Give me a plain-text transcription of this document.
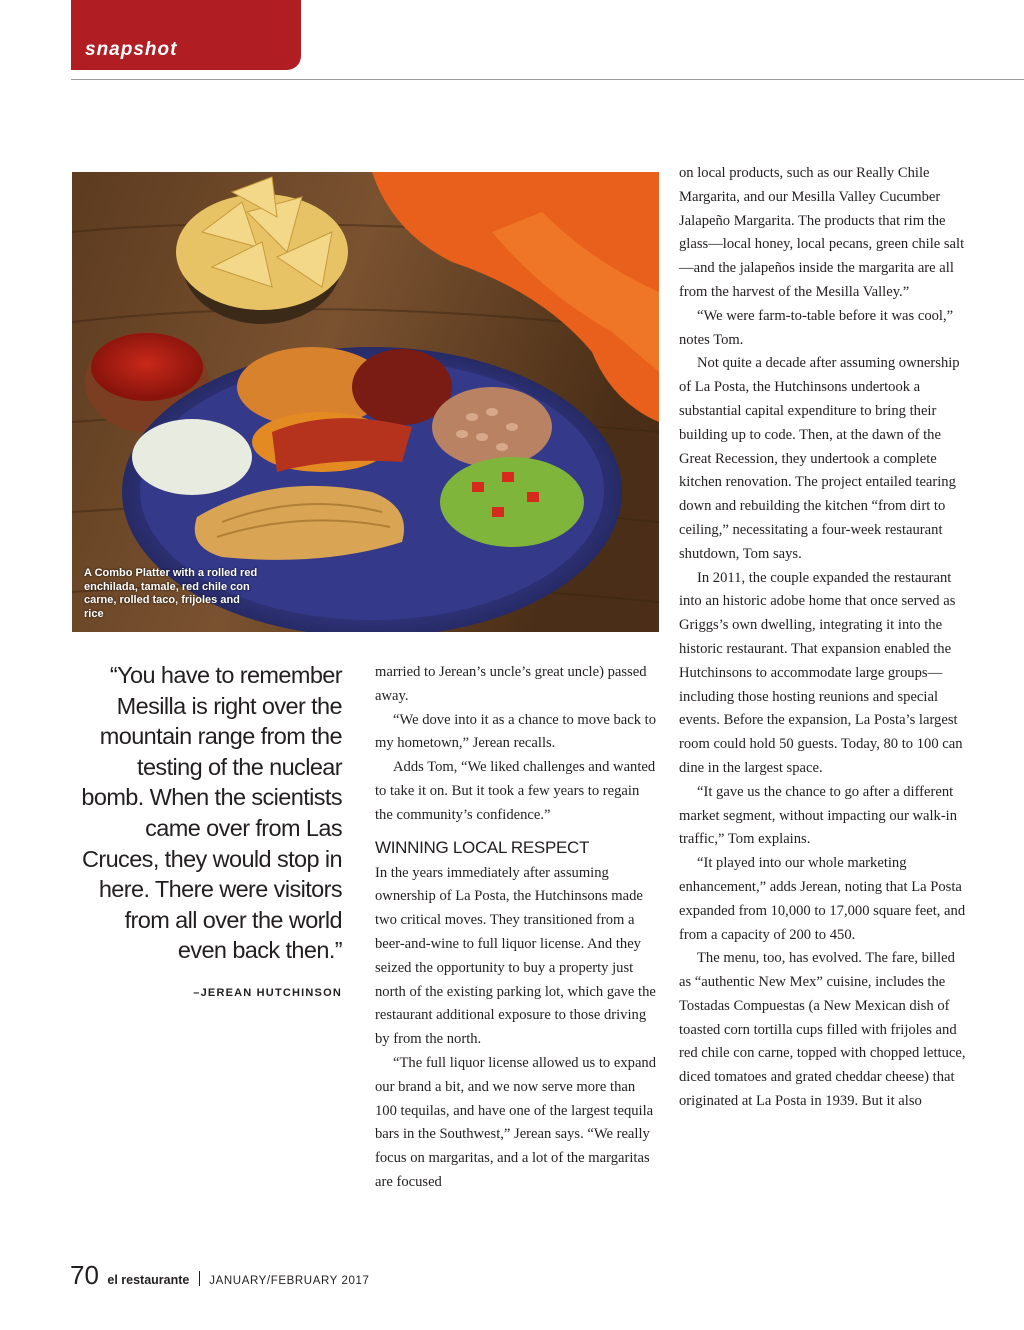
snapshot
A Combo Platter with a rolled red enchilada, tamale, red chile con carne, rolled taco, frijoles and rice

“You have to remember Mesilla is right over the mountain range from the testing of the nuclear bomb. When the scientists came over from Las Cruces, they would stop in here. There were visitors from all over the world even back then.”

–JEREAN HUTCHINSON

married to Jerean’s uncle’s great uncle) passed away.

“We dove into it as a chance to move back to my hometown,” Jerean recalls.

Adds Tom, “We liked challenges and wanted to take it on. But it took a few years to regain the community’s confidence.”

WINNING LOCAL RESPECT

In the years immediately after assuming ownership of La Posta, the Hutchinsons made two critical moves. They transitioned from a beer-and-wine to full liquor license. And they seized the opportunity to buy a property just north of the existing parking lot, which gave the restaurant additional exposure to those driving by from the north.

“The full liquor license allowed us to expand our brand a bit, and we now serve more than 100 tequilas, and have one of the largest tequila bars in the Southwest,” Jerean says. “We really focus on margaritas, and a lot of the margaritas are focused

on local products, such as our Really Chile Margarita, and our Mesilla Valley Cucumber Jalapeño Margarita. The products that rim the glass—local honey, local pecans, green chile salt—and the jalapeños inside the margarita are all from the harvest of the Mesilla Valley.”

“We were farm-to-table before it was cool,” notes Tom.

Not quite a decade after assuming ownership of La Posta, the Hutchinsons undertook a substantial capital expenditure to bring their building up to code. Then, at the dawn of the Great Recession, they undertook a complete kitchen renovation. The project entailed tearing down and rebuilding the kitchen “from dirt to ceiling,” necessitating a four-week restaurant shutdown, Tom says.

In 2011, the couple expanded the restaurant into an historic adobe home that once served as Griggs’s own dwelling, integrating it into the historic restaurant. That expansion enabled the Hutchinsons to accommodate large groups—including those hosting reunions and special events. Before the expansion, La Posta’s largest room could hold 50 guests. Today, 80 to 100 can dine in the largest space.

“It gave us the chance to go after a different market segment, without impacting our walk-in traffic,” Tom explains.

“It played into our whole marketing enhancement,” adds Jerean, noting that La Posta expanded from 10,000 to 17,000 square feet, and from a capacity of 200 to 450.

The menu, too, has evolved. The fare, billed as “authentic New Mex” cuisine, includes the Tostadas Compuestas (a New Mexican dish of toasted corn tortilla cups filled with frijoles and red chile con carne, topped with chopped lettuce, diced tomatoes and grated cheddar cheese) that originated at La Posta in 1939. But it also

70 el restaurante JANUARY/FEBRUARY 2017
